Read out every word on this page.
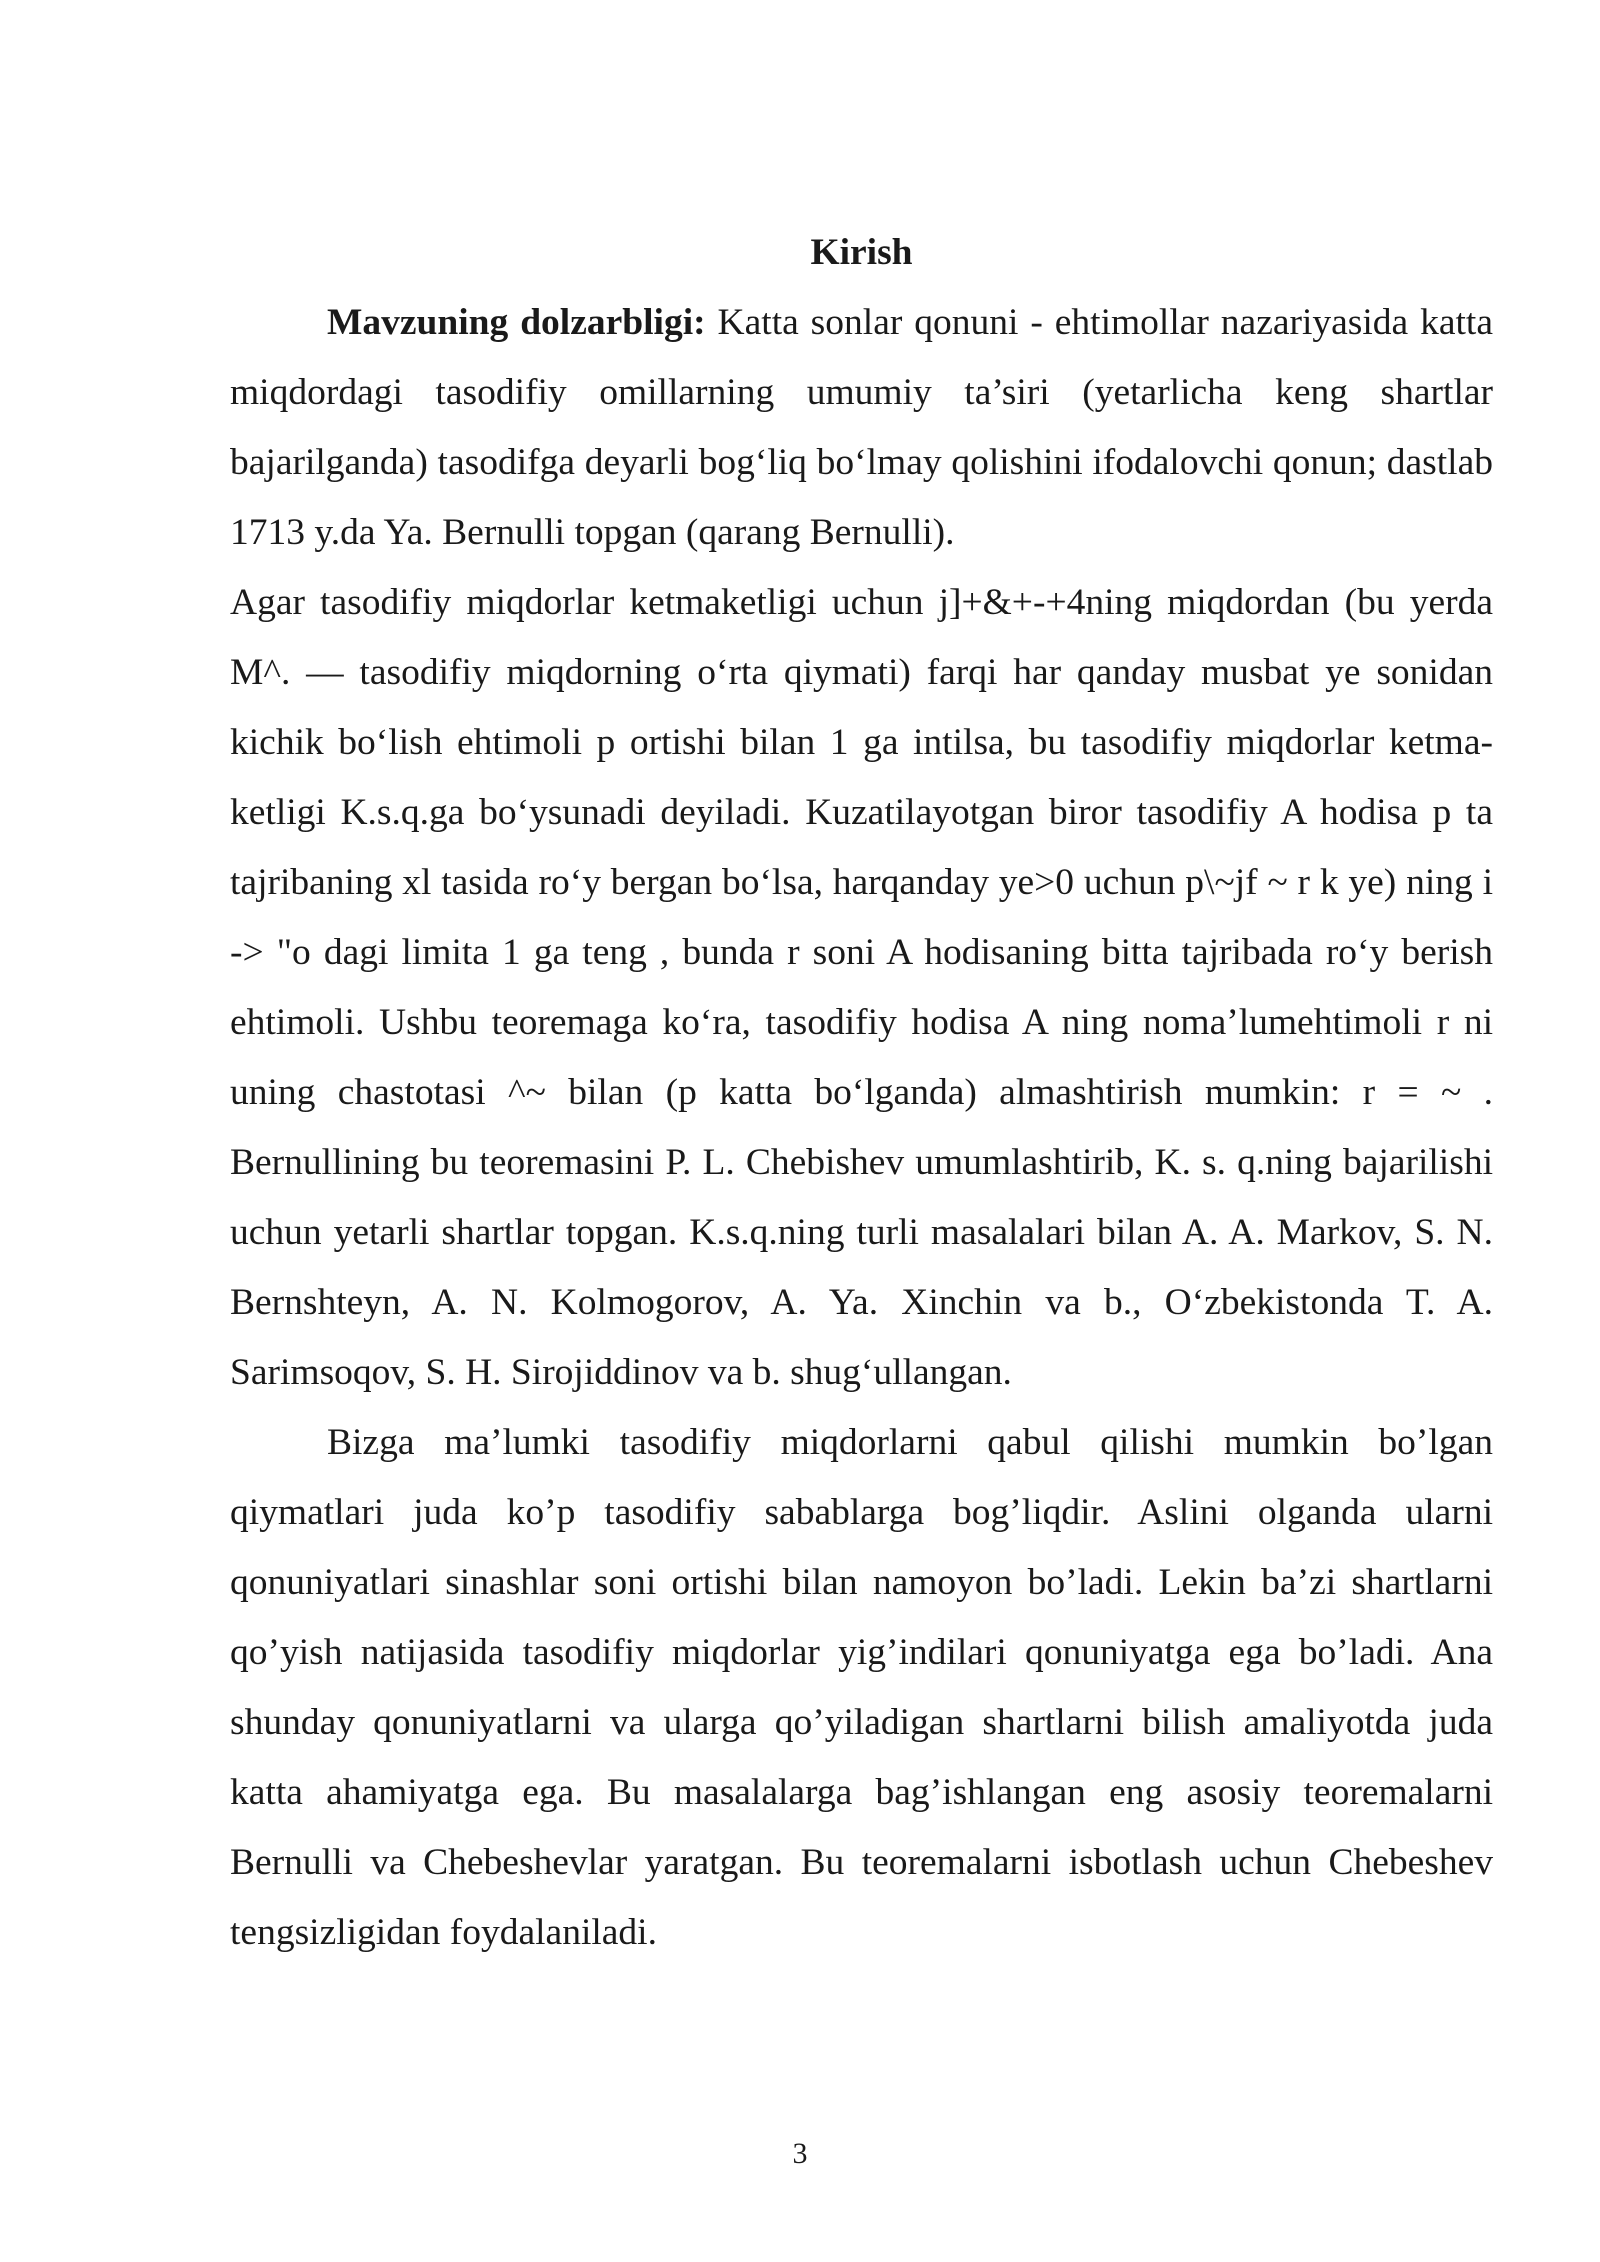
Kirish

Mavzuning dolzarbligi: Katta sonlar qonuni - ehtimollar nazariyasida katta miqdordagi tasodifiy omillarning umumiy ta’siri (yetarlicha keng shartlar bajarilganda) tasodifga deyarli bog‘liq bo‘lmay qolishini ifodalovchi qonun; dastlab 1713 y.da Ya. Bernulli topgan (qarang Bernulli).

Agar tasodifiy miqdorlar ketmaketligi uchun j]+&+-+4ning miqdordan (bu yerda M^. — tasodifiy miqdorning o‘rta qiymati) farqi har qanday musbat ye sonidan kichik bo‘lish ehtimoli p ortishi bilan 1 ga intilsa, bu tasodifiy miqdorlar ketma-ketligi K.s.q.ga bo‘ysunadi deyiladi. Kuzatilayotgan biror tasodifiy A hodisa p ta tajribaning xl tasida ro‘y bergan bo‘lsa, harqanday ye>0 uchun p\~jf ~ r k ye) ning i -> "o dagi limita 1 ga teng , bunda r soni A hodisaning bitta tajribada ro‘y berish ehtimoli. Ushbu teoremaga ko‘ra, tasodifiy hodisa A ning noma’lumehtimoli r ni uning chastotasi ^~ bilan (p katta bo‘lganda) almashtirish mumkin: r = ~ . Bernullining bu teoremasini P. L. Chebishev umumlashtirib, K. s. q.ning bajarilishi uchun yetarli shartlar topgan. K.s.q.ning turli masalalari bilan A. A. Markov, S. N. Bernshteyn, A. N. Kolmogorov, A. Ya. Xinchin va b., O‘zbekistonda T. A. Sarimsoqov, S. H. Sirojiddinov va b. shug‘ullangan.

Bizga ma’lumki tasodifiy miqdorlarni qabul qilishi mumkin bo’lgan qiymatlari juda ko’p tasodifiy sabablarga bog’liqdir. Aslini olganda ularni qonuniyatlari sinashlar soni ortishi bilan namoyon bo’ladi. Lekin ba’zi shartlarni qo’yish natijasida tasodifiy miqdorlar yig’indilari qonuniyatga ega bo’ladi. Ana shunday qonuniyatlarni va ularga qo’yiladigan shartlarni bilish amaliyotda juda katta ahamiyatga ega. Bu masalalarga bag’ishlangan eng asosiy teoremalarni Bernulli va Chebeshevlar yaratgan. Bu teoremalarni isbotlash uchun Chebeshev tengsizligidan foydalaniladi.

3
